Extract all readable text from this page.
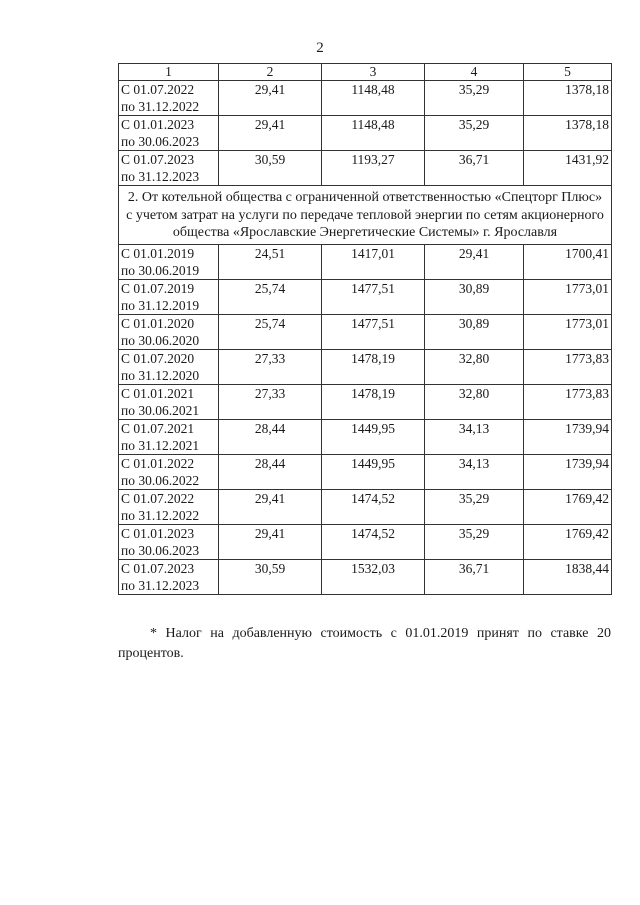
2
1	2	3	4	5

С 01.07.2022
по 31.12.2022	29,41	1148,48	35,29	1378,18

С 01.01.2023
по 30.06.2023	29,41	1148,48	35,29	1378,18

С 01.07.2023
по 31.12.2023	30,59	1193,27	36,71	1431,92
2. От котельной общества с ограниченной ответственностью «Спецторг Плюс» с учетом затрат на услуги по передаче тепловой энергии по сетям акционерного общества «Ярославские Энергетические Системы» г. Ярославля				

С 01.01.2019
по 30.06.2019	24,51	1417,01	29,41	1700,41

С 01.07.2019
по 31.12.2019	25,74	1477,51	30,89	1773,01

С 01.01.2020
по 30.06.2020	25,74	1477,51	30,89	1773,01

С 01.07.2020
по 31.12.2020	27,33	1478,19	32,80	1773,83

С 01.01.2021
по 30.06.2021	27,33	1478,19	32,80	1773,83

С 01.07.2021
по 31.12.2021	28,44	1449,95	34,13	1739,94

С 01.01.2022
по 30.06.2022	28,44	1449,95	34,13	1739,94

С 01.07.2022
по 31.12.2022	29,41	1474,52	35,29	1769,42

С 01.01.2023
по 30.06.2023	29,41	1474,52	35,29	1769,42

С 01.07.2023
по 31.12.2023	30,59	1532,03	36,71	1838,44
* Налог на добавленную стоимость с 01.01.2019 принят по ставке 20 процентов.
